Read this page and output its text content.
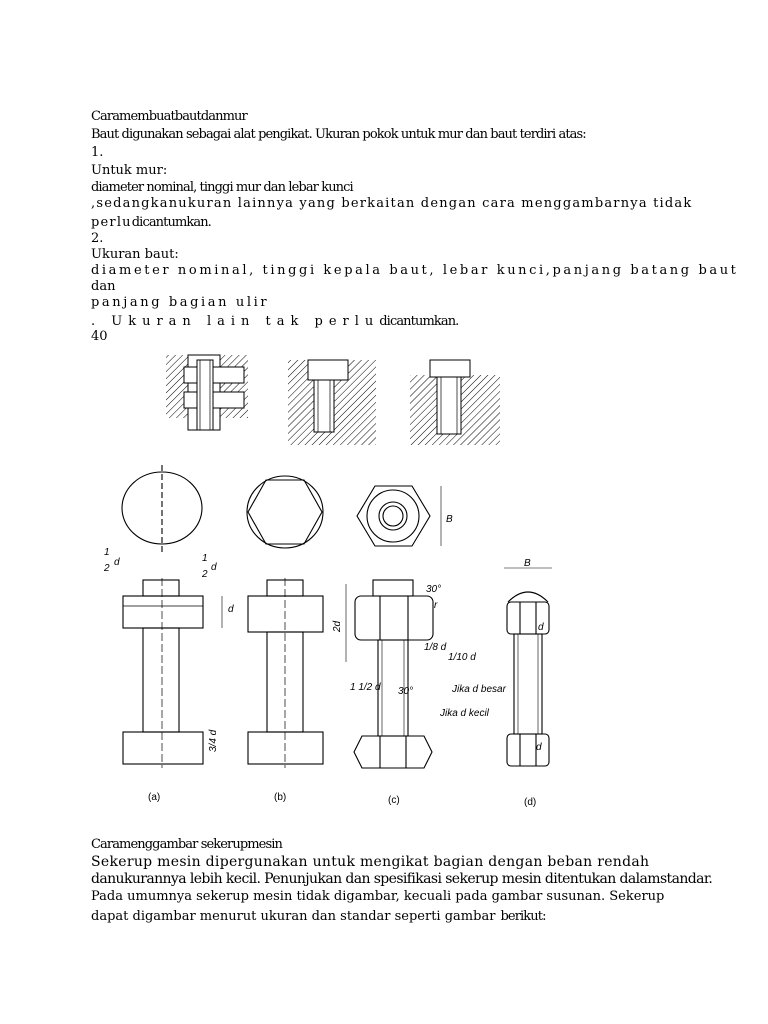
Caramembuatbautdanmur
Baut digunakan sebagai alat pengikat. Ukuran pokok untuk mur dan baut terdiri atas:
1.
Untuk mur:
diameter nominal, tinggi mur dan lebar kunci
,sedangkanukuran lainnya yang berkaitan dengan cara menggambarnya tidak
perludicantumkan.
2.
Ukuran baut:
diameter nominal, tinggi kepala baut, lebar kunci,panjang batang baut
dan
panjang bagian ulir
. Ukuran lain tak perludicantumkan.
40
1
2
d	1
2
d
d
3/4 d
(a)	(b)
B
2d
30°
r
1/8 d
1/10 d
30°
1 1/2 d	Jika d besar
Jika d kecil
(c)
B
d
d
(d)
Caramenggambar sekerupmesin
Sekerup mesin dipergunakan untuk mengikat bagian dengan beban rendah
danukurannya lebih kecil. Penunjukan dan spesifikasi sekerup mesin ditentukan dalamstandar.
Pada umumnya sekerup mesin tidak digambar, kecuali pada gambar susunan. Sekerup
dapat digambar menurut ukuran dan standar seperti gambar berikut:
